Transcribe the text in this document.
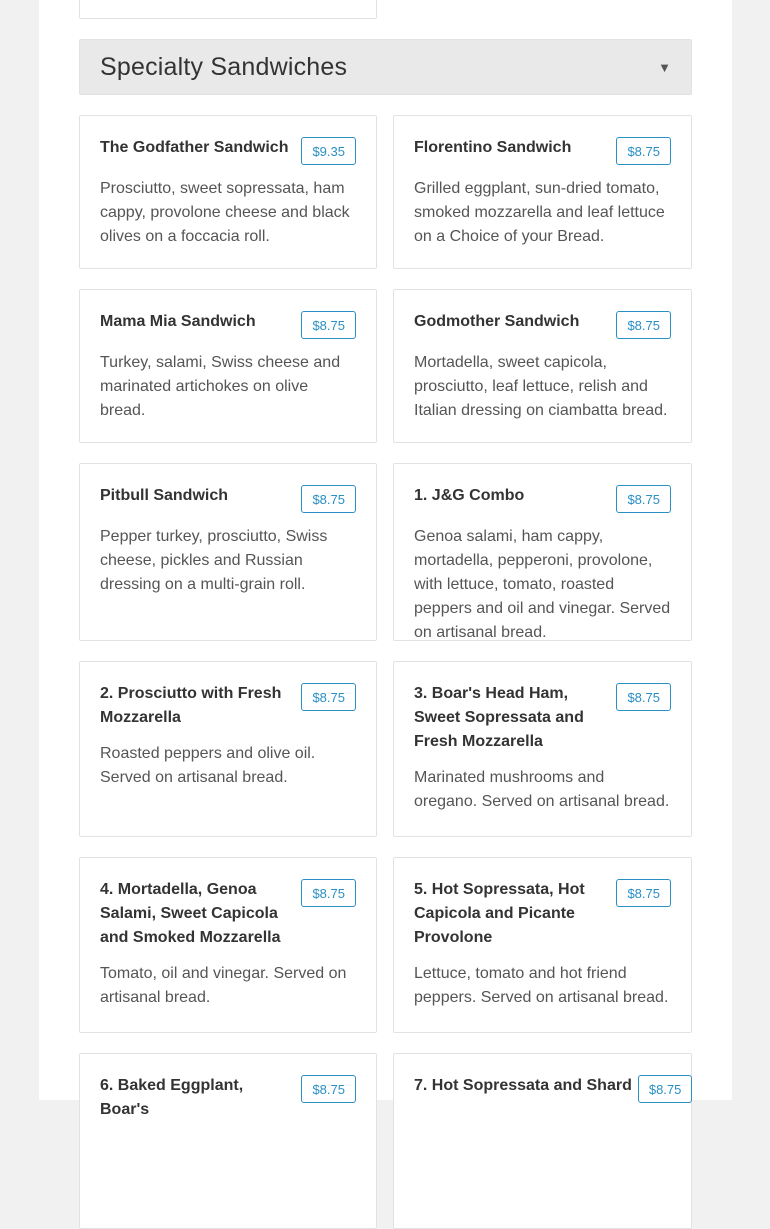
Specialty Sandwiches	▼
The Godfather Sandwich	$9.35
Prosciutto, sweet sopressata, ham cappy, provolone cheese and black olives on a foccacia roll.
Florentino Sandwich	$8.75
Grilled eggplant, sun-dried tomato, smoked mozzarella and leaf lettuce on a Choice of your Bread.
Mama Mia Sandwich	$8.75
Turkey, salami, Swiss cheese and marinated artichokes on olive bread.
Godmother Sandwich	$8.75
Mortadella, sweet capicola, prosciutto, leaf lettuce, relish and Italian dressing on ciambatta bread.
Pitbull Sandwich	$8.75
Pepper turkey, prosciutto, Swiss cheese, pickles and Russian dressing on a multi-grain roll.
1. J&G Combo	$8.75
Genoa salami, ham cappy, mortadella, pepperoni, provolone, with lettuce, tomato, roasted peppers and oil and vinegar. Served on artisanal bread.
2. Prosciutto with Fresh Mozzarella
$8.75
Roasted peppers and olive oil. Served on artisanal bread.
3. Boar's Head Ham, Sweet Sopressata and Fresh Mozzarella
$8.75
Marinated mushrooms and oregano. Served on artisanal bread.
4. Mortadella, Genoa Salami, Sweet Capicola and Smoked Mozzarella
$8.75
Tomato, oil and vinegar. Served on artisanal bread.
5. Hot Sopressata, Hot Capicola and Picante Provolone
$8.75
Lettuce, tomato and hot friend peppers. Served on artisanal bread.
6. Baked Eggplant, Boar's
$8.75	7. Hot Sopressata and Shard	$8.75
